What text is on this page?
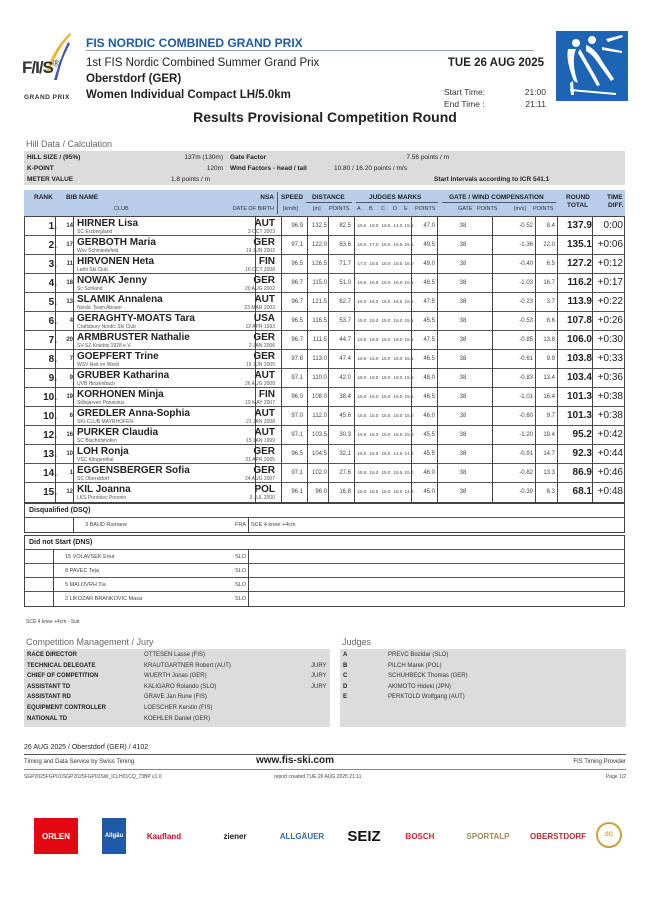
F/I/S®
GRAND PRIX
FIS NORDIC COMBINED GRAND PRIX
1st FIS Nordic Combined Summer Grand Prix
Oberstdorf (GER)
Women Individual Compact LH/5.0km
TUE 26 AUG 2025
Start Time:	21:00
End Time :	21:11
Results Provisional Competition Round
Hill Data / Calculation
HILL SIZE / (95%)	137m (130m) Gate Factor	7.56 points / m
K-POINT	120m Wind Factors - head / tail	10.80 / 16.20 points / m/s
METER VALUE	1.8 points / m	Start Intervals according to ICR 541.1
RANK BIB NAME
CLUB
NSA
DATE OF BIRTH
SPEED
[km/h]
DISTANCE
[m] POINTS
JUDGES MARKS
A B C D E POINTS
GATE / WIND COMPENSATION
GATE POINTS	[m/s] POINTS
ROUND
TOTAL
TIME
DIFF.
1.	14 HIRNER Lisa
SC Erzbergland
AUT
3 OCT 2003
96.9	132.5	82.5	47.0	38	-0.52	8.4	137.9	0:00
15.5 16.0 16.5 14.0 15.5
2.	17 GERBOTH Maria
Wsv Schmiedefeld
GER
19 JUN 2002
97.1	122.0	63.6	49.5	38	-1.36	22.0	135.1 +0:06
16.5 17.0 16.5 16.5 16.5
3.	11 HIRVONEN Heta
Lahti Ski Club
FIN
16 OCT 2008
96.5	126.5	71.7	49.0	38	-0.40	6.5	127.2 +0:12
17.0 16.5 16.0 16.5 16.0
4.	18 NOWAK Jenny
Sc Sohland
GER
20 AUG 2002
96.7	115.0	51.0	48.5	38	-1.03	16.7	116.2 +0:17
16.5 16.5 16.0 16.0 15.5
5.	13 SLAMIK Annalena
Nordic Team Absam
AUT
23 MAR 2003
96.7	121.5	62.7	47.5	38	-0.23	3.7	113.9 +0:22
16.0 16.0 15.5 16.5 15.5
6.	4 GERAGHTY-MOATS Tara
Craftsbury Nordic Ski Club
USA
12 APR 1993
96.5	116.5	53.7	45.5	38	-0.53	8.6	107.8 +0:26
15.0 15.0 15.0 16.0 15.5
7.	20 ARMBRUSTER Nathalie
SV-SZ Kniebis 1928 e.V.
GER
2 JAN 2006
96.7	111.5	44.7	47.5	38	-0.85	13.8	106.0 +0:30
15.5 16.0 16.0 16.0 15.5
8.	7 GOEPFERT Trine
WSV Reit im Winkl
GER
19 JUN 2005
97.6	113.0	47.4	46.5	38	-0.61	9.9	103.8 +0:33
16.5 15.0 15.0 16.0 15.5
9.	9 GRUBER Katharina
UVB Hinzenbach
AUT
26 AUG 2008
97.1	110.0	42.0	48.0	38	-0.83	13.4	103.4 +0:36
16.0 16.5 16.0 16.0 15.0
10.	19 KORHONEN Minja
Siilinjarven Ponnistus
FIN
19 MAY 2007
96.0	108.0	38.4	46.5	38	-1.01	16.4	101.3 +0:38
15.0 16.0 15.0 16.0 15.5
10.	6 GREDLER Anna-Sophia
SKI-CLUB MAYRHOFEN
AUT
21 JAN 2008
97.0	112.0	45.6	46.0	38	-0.60	9.7	101.3 +0:38
15.5 15.0 15.5 16.0 15.0
12.	16 PURKER Claudia
SC Bischofshofen
AUT
15 JAN 1999
97.1	103.5	30.3	45.5	38	-1.20	19.4	95.2 +0:42
15.5 15.0 15.0 15.5 15.0
13.	10 LOH Ronja
VSC Klingenthal
GER
21 APR 2005
96.5	104.5	32.1	45.5	38	-0.91	14.7	92.3 +0:44
15.5 15.5 15.5 14.5 14.5
14.	1 EGGENSBERGER Sofia
SC Oberstdorf
GER
24 AUG 2007
97.1	102.0	27.6	46.0	38	-0.82	13.3	86.9 +0:46
15.5 16.0 15.0 15.5 15.0
15.	12 KIL Joanna
LKS Poroniec Poronin
POL
9 JUL 2000
96.1	96.0	16.8	45.0	38	-0.39	6.3	68.1 +0:48
15.0 15.5 15.0 15.0 14.0
Disqualified (DSQ)
3 BAUD Romane	FRA SCE 4 knee +4cm
Did not Start (DNS)
15 VOLAVSEK Ema	SLO
8 PAVEC Teja	SLO
5 MALOVRH Tia	SLO
2 LIKOZAR BRANKOVIC Masa	SLO
SCE 4 knee +4cm - Suit
Competition Management / Jury
RACE DIRECTOR	OTTESEN Lasse (FIS)
TECHNICAL DELEGATE	KRAUTGARTNER Robert (AUT)	JURY
CHIEF OF COMPETITION	WUERTH Jonas (GER)	JURY
ASSISTANT TD	KALIGARO Rolando (SLO)	JURY
ASSISTANT RD	GRAVE Jan Rune (FIS)
EQUIPMENT CONTROLLER	LOESCHER Kerstin (FIS)
NATIONAL TD	KOEHLER Daniel (GER)
Judges
A	PREVC Bozidar (SLO)
B	PILCH Marek (POL)
C	SCHUHBECK Thomas (GER)
D	AKIMOTO Hideki (JPN)
E	PERKTOLD Wolfgang (AUT)
26 AUG 2025 / Oberstdorf (GER) / 4102
Timing and Data Service by Swiss Timing	www.fis-ski.com	FIS Timing Provider
SGP2025FGP01\SGP2025FGP01SW_ICLH01CQ_73BP v1.0	report created TUE 26 AUG 2025 21:11	Page 1/2
ORLEN	Allgäu	Kaufland	ziener	ALLGÄUER	SEIZ	BOSCH	SPORTALP	OBERSTDORF	SC
